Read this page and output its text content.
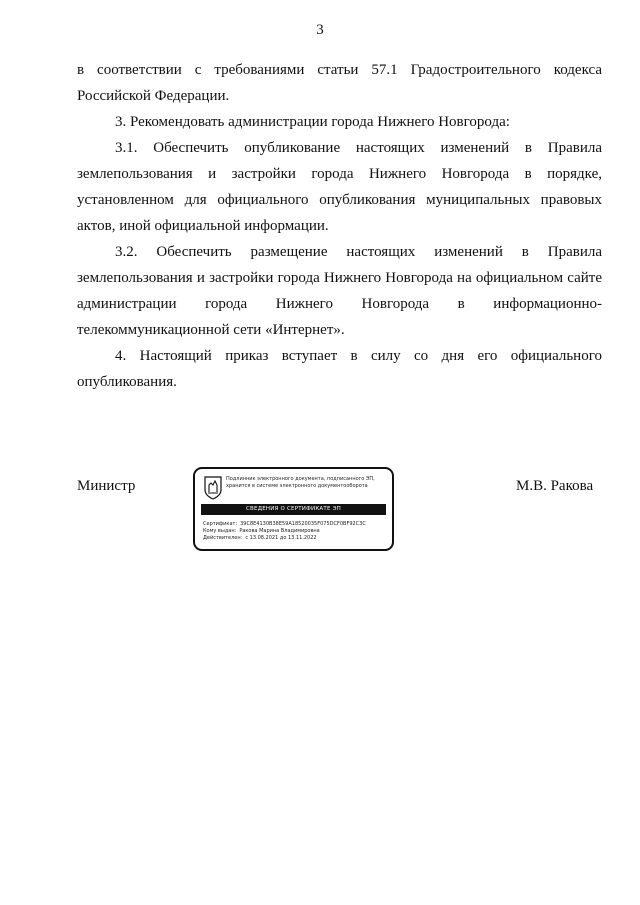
3

в соответствии с требованиями статьи 57.1 Градостроительного кодекса Российской Федерации.

3. Рекомендовать администрации города Нижнего Новгорода:

3.1. Обеспечить опубликование настоящих изменений в Правила землепользования и застройки города Нижнего Новгорода в порядке, установленном для официального опубликования муниципальных правовых актов, иной официальной информации.

3.2. Обеспечить размещение настоящих изменений в Правила землепользования и застройки города Нижнего Новгорода на официальном сайте администрации города Нижнего Новгорода в информационно-телекоммуникационной сети «Интернет».

4. Настоящий приказ вступает в силу со дня его официального опубликования.

Министр	Подлинник электронного документа, подписанного ЭП,
хранится в системе электронного документооборота
СВЕДЕНИЯ О СЕРТИФИКАТЕ ЭП
Сертификат: 39C8E4130B38E59A18520035F075DCF0BF92C3C
Кому выдан: Ракова Марина Владимировна
Действителен: с 13.08.2021 до 13.11.2022
М.В. Ракова
